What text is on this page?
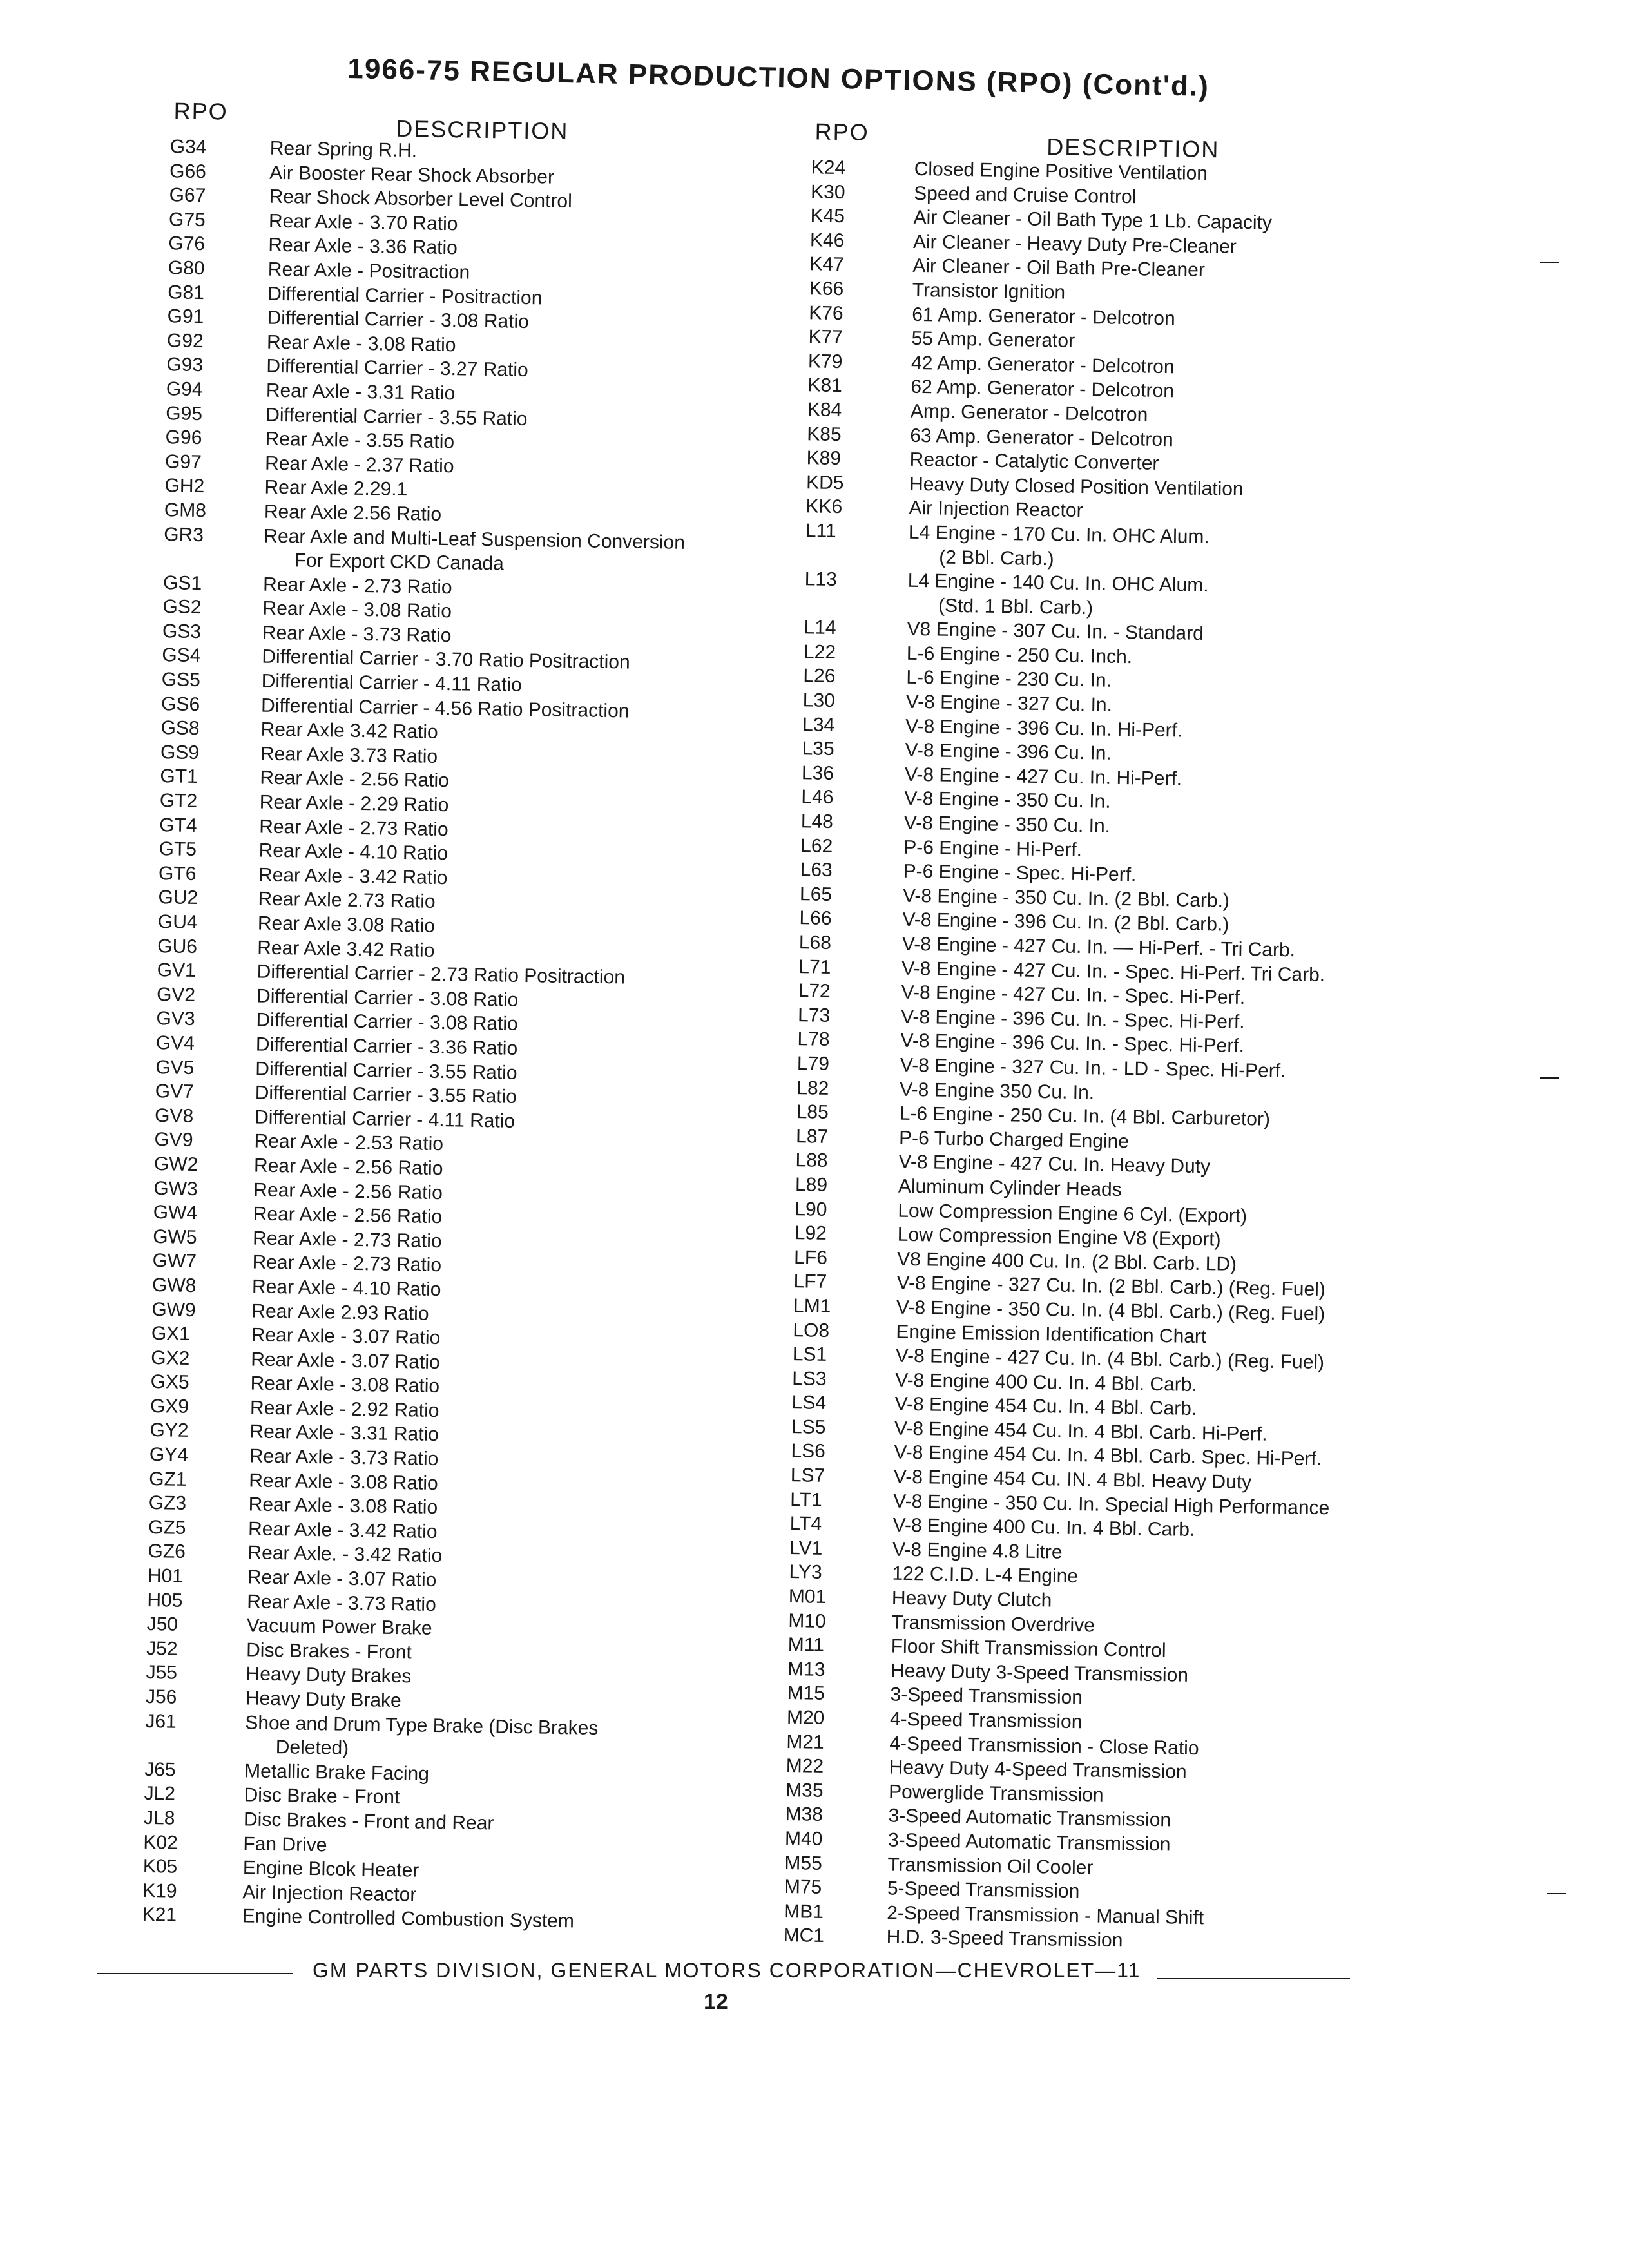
1966-75 REGULAR PRODUCTION OPTIONS (RPO) (Cont'd.)
RPO
DESCRIPTION
G34	Rear Spring R.H.
G66	Air Booster Rear Shock Absorber
G67	Rear Shock Absorber Level Control
G75	Rear Axle - 3.70 Ratio
G76	Rear Axle - 3.36 Ratio
G80	Rear Axle - Positraction
G81	Differential Carrier - Positraction
G91	Differential Carrier - 3.08 Ratio
G92	Rear Axle - 3.08 Ratio
G93	Differential Carrier - 3.27 Ratio
G94	Rear Axle - 3.31 Ratio
G95	Differential Carrier - 3.55 Ratio
G96	Rear Axle - 3.55 Ratio
G97	Rear Axle - 2.37 Ratio
GH2	Rear Axle 2.29.1
GM8	Rear Axle 2.56 Ratio
GR3	Rear Axle and Multi-Leaf Suspension Conversion
For Export CKD Canada
GS1	Rear Axle - 2.73 Ratio
GS2	Rear Axle - 3.08 Ratio
GS3	Rear Axle - 3.73 Ratio
GS4	Differential Carrier - 3.70 Ratio Positraction
GS5	Differential Carrier - 4.11 Ratio
GS6	Differential Carrier - 4.56 Ratio Positraction
GS8	Rear Axle 3.42 Ratio
GS9	Rear Axle 3.73 Ratio
GT1	Rear Axle - 2.56 Ratio
GT2	Rear Axle - 2.29 Ratio
GT4	Rear Axle - 2.73 Ratio
GT5	Rear Axle - 4.10 Ratio
GT6	Rear Axle - 3.42 Ratio
GU2	Rear Axle 2.73 Ratio
GU4	Rear Axle 3.08 Ratio
GU6	Rear Axle 3.42 Ratio
GV1	Differential Carrier - 2.73 Ratio Positraction
GV2	Differential Carrier - 3.08 Ratio
GV3	Differential Carrier - 3.08 Ratio
GV4	Differential Carrier - 3.36 Ratio
GV5	Differential Carrier - 3.55 Ratio
GV7	Differential Carrier - 3.55 Ratio
GV8	Differential Carrier - 4.11 Ratio
GV9	Rear Axle - 2.53 Ratio
GW2	Rear Axle - 2.56 Ratio
GW3	Rear Axle - 2.56 Ratio
GW4	Rear Axle - 2.56 Ratio
GW5	Rear Axle - 2.73 Ratio
GW7	Rear Axle - 2.73 Ratio
GW8	Rear Axle - 4.10 Ratio
GW9	Rear Axle 2.93 Ratio
GX1	Rear Axle - 3.07 Ratio
GX2	Rear Axle - 3.07 Ratio
GX5	Rear Axle - 3.08 Ratio
GX9	Rear Axle - 2.92 Ratio
GY2	Rear Axle - 3.31 Ratio
GY4	Rear Axle - 3.73 Ratio
GZ1	Rear Axle - 3.08 Ratio
GZ3	Rear Axle - 3.08 Ratio
GZ5	Rear Axle - 3.42 Ratio
GZ6	Rear Axle. - 3.42 Ratio
H01	Rear Axle - 3.07 Ratio
H05	Rear Axle - 3.73 Ratio
J50	Vacuum Power Brake
J52	Disc Brakes - Front
J55	Heavy Duty Brakes
J56	Heavy Duty Brake
J61	Shoe and Drum Type Brake (Disc Brakes
Deleted)
J65	Metallic Brake Facing
JL2	Disc Brake - Front
JL8	Disc Brakes - Front and Rear
K02	Fan Drive
K05	Engine Blcok Heater
K19	Air Injection Reactor
K21	Engine Controlled Combustion System
RPO
DESCRIPTION
K24	Closed Engine Positive Ventilation
K30	Speed and Cruise Control
K45	Air Cleaner - Oil Bath Type 1 Lb. Capacity
K46	Air Cleaner - Heavy Duty Pre-Cleaner
K47	Air Cleaner - Oil Bath Pre-Cleaner
K66	Transistor Ignition
K76	61 Amp. Generator - Delcotron
K77	55 Amp. Generator
K79	42 Amp. Generator - Delcotron
K81	62 Amp. Generator - Delcotron
K84	Amp. Generator - Delcotron
K85	63 Amp. Generator - Delcotron
K89	Reactor - Catalytic Converter
KD5	Heavy Duty Closed Position Ventilation
KK6	Air Injection Reactor
L11	L4 Engine - 170 Cu. In. OHC Alum.
(2 Bbl. Carb.)
L13	L4 Engine - 140 Cu. In. OHC Alum.
(Std. 1 Bbl. Carb.)
L14	V8 Engine - 307 Cu. In. - Standard
L22	L-6 Engine - 250 Cu. Inch.
L26	L-6 Engine - 230 Cu. In.
L30	V-8 Engine - 327 Cu. In.
L34	V-8 Engine - 396 Cu. In. Hi-Perf.
L35	V-8 Engine - 396 Cu. In.
L36	V-8 Engine - 427 Cu. In. Hi-Perf.
L46	V-8 Engine - 350 Cu. In.
L48	V-8 Engine - 350 Cu. In.
L62	P-6 Engine - Hi-Perf.
L63	P-6 Engine - Spec. Hi-Perf.
L65	V-8 Engine - 350 Cu. In. (2 Bbl. Carb.)
L66	V-8 Engine - 396 Cu. In. (2 Bbl. Carb.)
L68	V-8 Engine - 427 Cu. In. — Hi-Perf. - Tri Carb.
L71	V-8 Engine - 427 Cu. In. - Spec. Hi-Perf. Tri Carb.
L72	V-8 Engine - 427 Cu. In. - Spec. Hi-Perf.
L73	V-8 Engine - 396 Cu. In. - Spec. Hi-Perf.
L78	V-8 Engine - 396 Cu. In. - Spec. Hi-Perf.
L79	V-8 Engine - 327 Cu. In. - LD - Spec. Hi-Perf.
L82	V-8 Engine 350 Cu. In.
L85	L-6 Engine - 250 Cu. In. (4 Bbl. Carburetor)
L87	P-6 Turbo Charged Engine
L88	V-8 Engine - 427 Cu. In. Heavy Duty
L89	Aluminum Cylinder Heads
L90	Low Compression Engine 6 Cyl. (Export)
L92	Low Compression Engine V8 (Export)
LF6	V8 Engine 400 Cu. In. (2 Bbl. Carb. LD)
LF7	V-8 Engine - 327 Cu. In. (2 Bbl. Carb.) (Reg. Fuel)
LM1	V-8 Engine - 350 Cu. In. (4 Bbl. Carb.) (Reg. Fuel)
LO8	Engine Emission Identification Chart
LS1	V-8 Engine - 427 Cu. In. (4 Bbl. Carb.) (Reg. Fuel)
LS3	V-8 Engine 400 Cu. In. 4 Bbl. Carb.
LS4	V-8 Engine 454 Cu. In. 4 Bbl. Carb.
LS5	V-8 Engine 454 Cu. In. 4 Bbl. Carb. Hi-Perf.
LS6	V-8 Engine 454 Cu. In. 4 Bbl. Carb. Spec. Hi-Perf.
LS7	V-8 Engine 454 Cu. IN. 4 Bbl. Heavy Duty
LT1	V-8 Engine - 350 Cu. In. Special High Performance
LT4	V-8 Engine 400 Cu. In. 4 Bbl. Carb.
LV1	V-8 Engine 4.8 Litre
LY3	122 C.I.D. L-4 Engine
M01	Heavy Duty Clutch
M10	Transmission Overdrive
M11	Floor Shift Transmission Control
M13	Heavy Duty 3-Speed Transmission
M15	3-Speed Transmission
M20	4-Speed Transmission
M21	4-Speed Transmission - Close Ratio
M22	Heavy Duty 4-Speed Transmission
M35	Powerglide Transmission
M38	3-Speed Automatic Transmission
M40	3-Speed Automatic Transmission
M55	Transmission Oil Cooler
M75	5-Speed Transmission
MB1	2-Speed Transmission - Manual Shift
MC1	H.D. 3-Speed Transmission
GM PARTS DIVISION, GENERAL MOTORS CORPORATION—CHEVROLET—11
12
